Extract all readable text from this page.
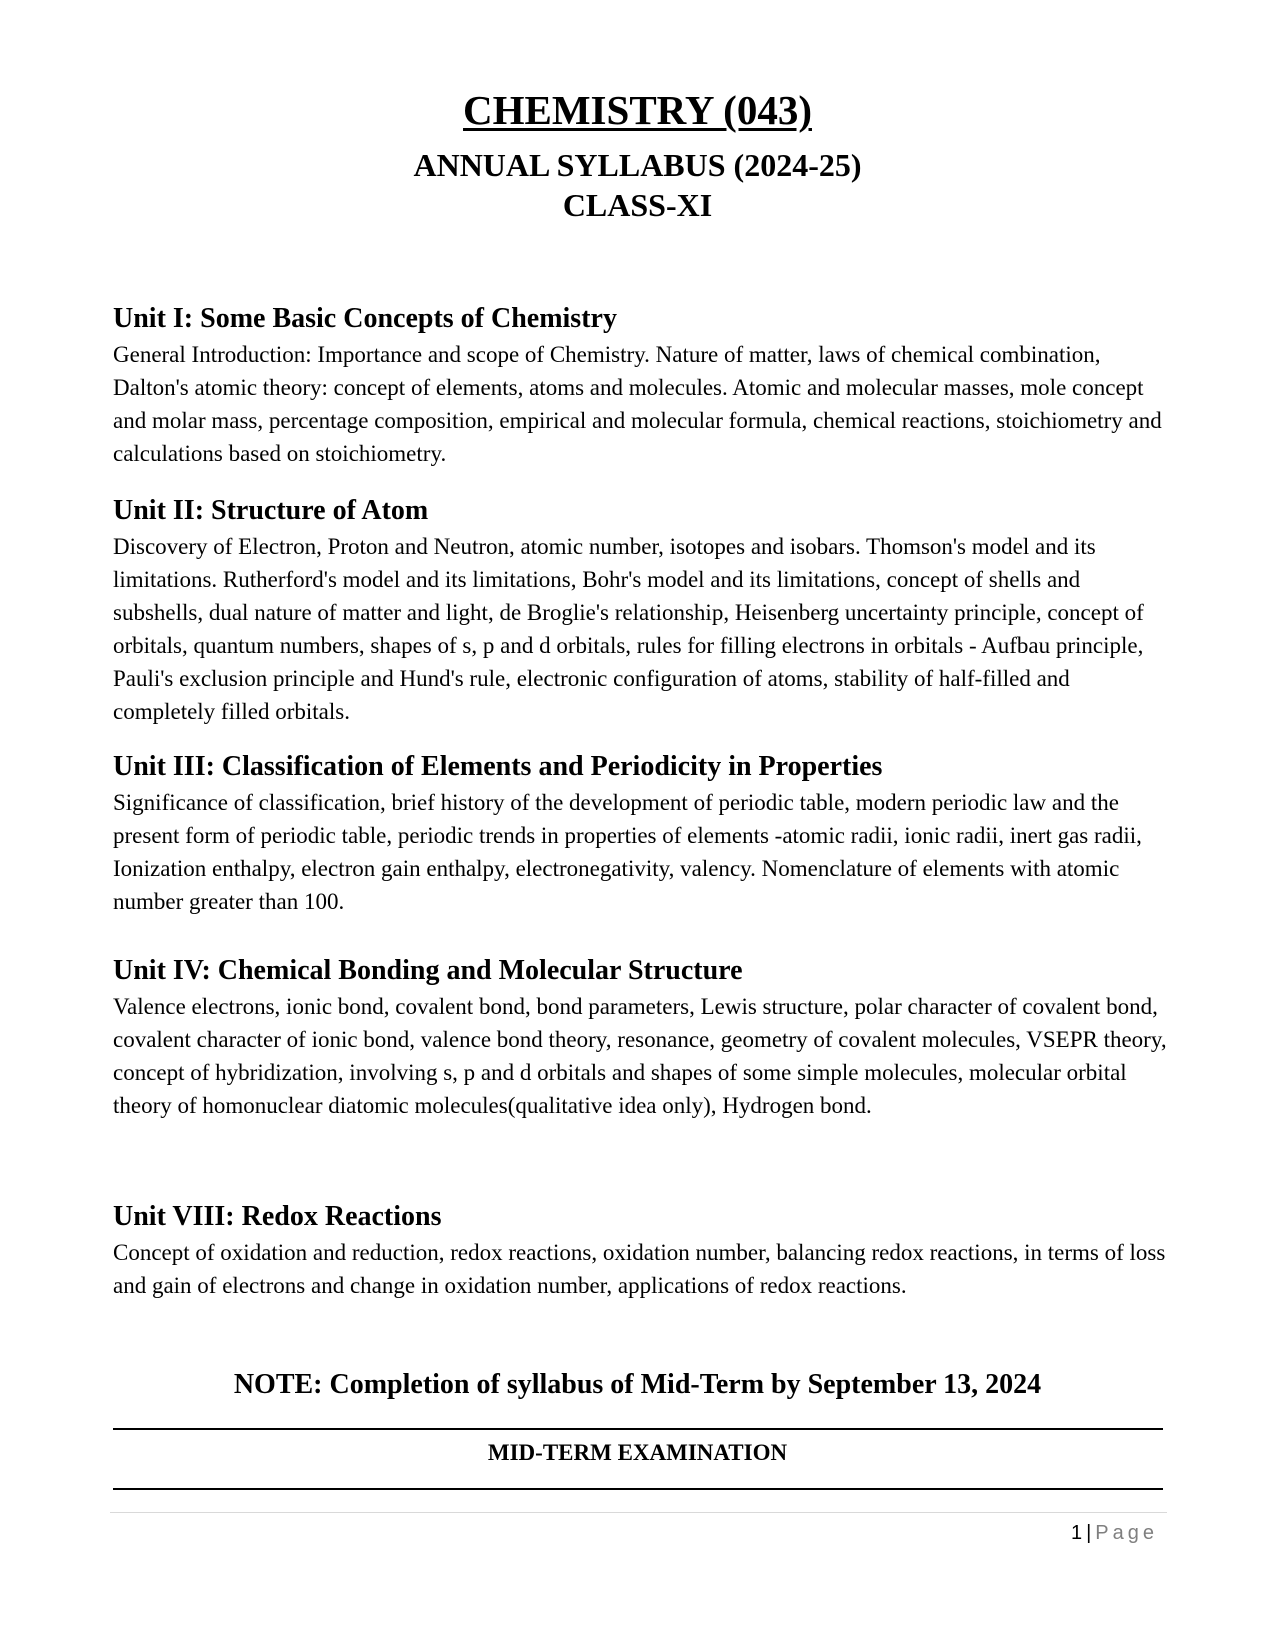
CHEMISTRY (043)
ANNUAL SYLLABUS (2024-25)
CLASS-XI
Unit I: Some Basic Concepts of Chemistry

General Introduction: Importance and scope of Chemistry. Nature of matter, laws of chemical combination, Dalton's atomic theory: concept of elements, atoms and molecules. Atomic and molecular masses, mole concept and molar mass, percentage composition, empirical and molecular formula, chemical reactions, stoichiometry and calculations based on stoichiometry.

Unit II: Structure of Atom

Discovery of Electron, Proton and Neutron, atomic number, isotopes and isobars. Thomson's model and its limitations. Rutherford's model and its limitations, Bohr's model and its limitations, concept of shells and subshells, dual nature of matter and light, de Broglie's relationship, Heisenberg uncertainty principle, concept of orbitals, quantum numbers, shapes of s, p and d orbitals, rules for filling electrons in orbitals - Aufbau principle, Pauli's exclusion principle and Hund's rule, electronic configuration of atoms, stability of half-filled and completely filled orbitals.

Unit III: Classification of Elements and Periodicity in Properties

Significance of classification, brief history of the development of periodic table, modern periodic law and the present form of periodic table, periodic trends in properties of elements -atomic radii, ionic radii, inert gas radii, Ionization enthalpy, electron gain enthalpy, electronegativity, valency. Nomenclature of elements with atomic number greater than 100.

Unit IV: Chemical Bonding and Molecular Structure

Valence electrons, ionic bond, covalent bond, bond parameters, Lewis structure, polar character of covalent bond, covalent character of ionic bond, valence bond theory, resonance, geometry of covalent molecules, VSEPR theory, concept of hybridization, involving s, p and d orbitals and shapes of some simple molecules, molecular orbital theory of homonuclear diatomic molecules(qualitative idea only), Hydrogen bond.

Unit VIII: Redox Reactions

Concept of oxidation and reduction, redox reactions, oxidation number, balancing redox reactions, in terms of loss and gain of electrons and change in oxidation number, applications of redox reactions.

NOTE: Completion of syllabus of Mid-Term by September 13, 2024
MID-TERM EXAMINATION
1 | Page
